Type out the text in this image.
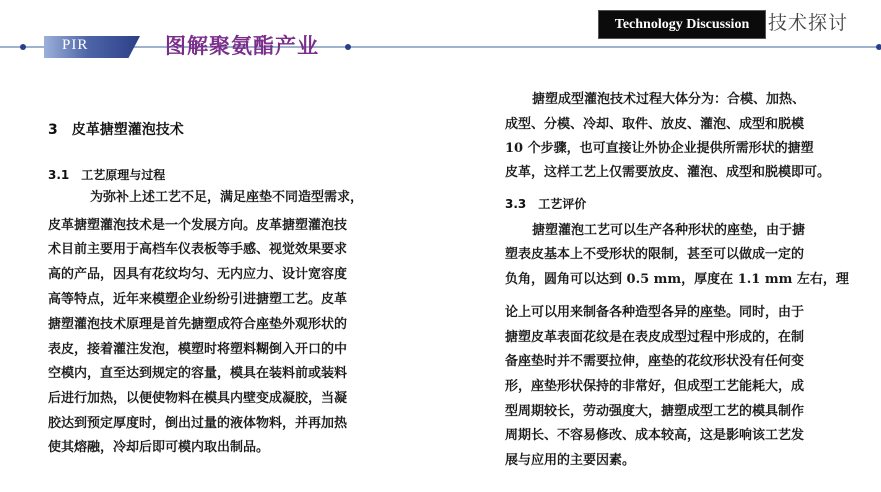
PIR	图解聚氨酯产业
Technology Discussion 技术探讨
3　皮革搪塑灌泡技术
3.1　工艺原理与过程
为弥补上述工艺不足，满足座垫不同造型需求，
皮革搪塑灌泡技术是一个发展方向。皮革搪塑灌泡技
术目前主要用于高档车仪表板等手感、视觉效果要求
高的产品，因具有花纹均匀、无内应力、设计宽容度
高等特点，近年来模塑企业纷纷引进搪塑工艺。皮革
搪塑灌泡技术原理是首先搪塑成符合座垫外观形状的
表皮，接着灌注发泡，模塑时将塑料糊倒入开口的中
空模内，直至达到规定的容量，模具在装料前或装料
后进行加热，以便使物料在模具内壁变成凝胶，当凝
胶达到预定厚度时，倒出过量的液体物料，并再加热
使其熔融，冷却后即可模内取出制品。
搪塑成型灌泡技术过程大体分为：合模、加热、
成型、分模、冷却、取件、放皮、灌泡、成型和脱模
10 个步骤，也可直接让外协企业提供所需形状的搪塑
皮革，这样工艺上仅需要放皮、灌泡、成型和脱模即可。
3.3　工艺评价
搪塑灌泡工艺可以生产各种形状的座垫，由于搪
塑表皮基本上不受形状的限制，甚至可以做成一定的
负角，圆角可以达到 0.5 mm，厚度在 1.1 mm 左右，理
论上可以用来制备各种造型各异的座垫。同时，由于
搪塑皮革表面花纹是在表皮成型过程中形成的，在制
备座垫时并不需要拉伸，座垫的花纹形状没有任何变
形，座垫形状保持的非常好，但成型工艺能耗大，成
型周期较长，劳动强度大，搪塑成型工艺的模具制作
周期长、不容易修改、成本较高，这是影响该工艺发
展与应用的主要因素。
